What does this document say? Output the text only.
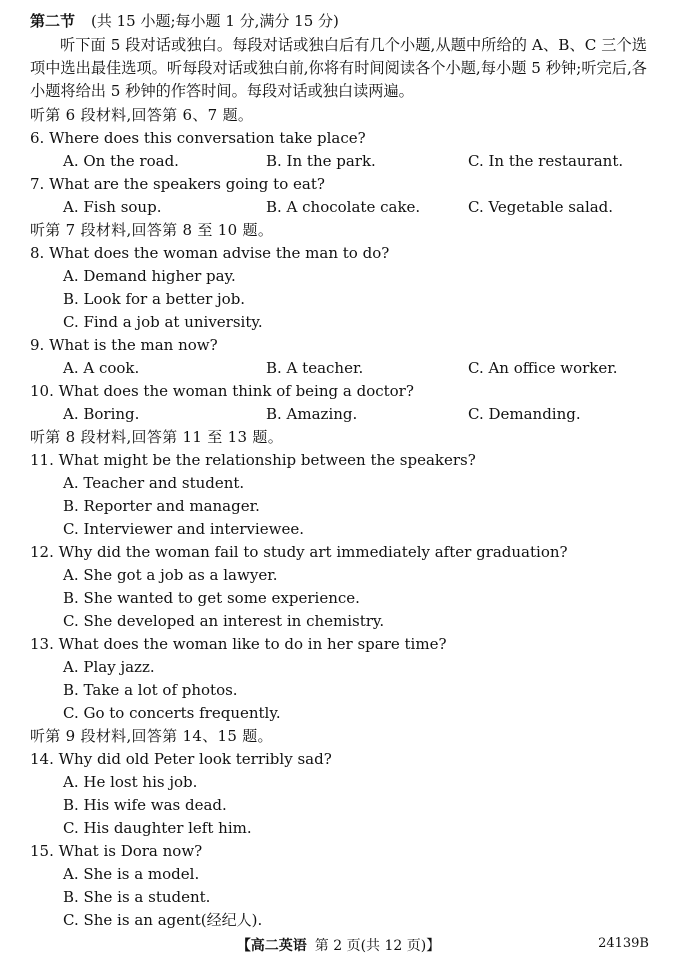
第二节 (共 15 小题;每小题 1 分,满分 15 分)
听下面 5 段对话或独白。每段对话或独白后有几个小题,从题中所给的 A、B、C 三个选项中选出最佳选项。听每段对话或独白前,你将有时间阅读各个小题,每小题 5 秒钟;听完后,各小题将给出 5 秒钟的作答时间。每段对话或独白读两遍。
听第 6 段材料,回答第 6、7 题。
6. Where does this conversation take place?
A. On the road.	B. In the park.	C. In the restaurant.
7. What are the speakers going to eat?
A. Fish soup.	B. A chocolate cake.	C. Vegetable salad.
听第 7 段材料,回答第 8 至 10 题。
8. What does the woman advise the man to do?
A. Demand higher pay.
B. Look for a better job.
C. Find a job at university.
9. What is the man now?
A. A cook.	B. A teacher.	C. An office worker.
10. What does the woman think of being a doctor?
A. Boring.	B. Amazing.	C. Demanding.
听第 8 段材料,回答第 11 至 13 题。
11. What might be the relationship between the speakers?
A. Teacher and student.
B. Reporter and manager.
C. Interviewer and interviewee.
12. Why did the woman fail to study art immediately after graduation?
A. She got a job as a lawyer.
B. She wanted to get some experience.
C. She developed an interest in chemistry.
13. What does the woman like to do in her spare time?
A. Play jazz.
B. Take a lot of photos.
C. Go to concerts frequently.
听第 9 段材料,回答第 14、15 题。
14. Why did old Peter look terribly sad?
A. He lost his job.
B. His wife was dead.
C. His daughter left him.
15. What is Dora now?
A. She is a model.
B. She is a student.
C. She is an agent(经纪人).
【高二英语 第 2 页(共 12 页)】	24139B
